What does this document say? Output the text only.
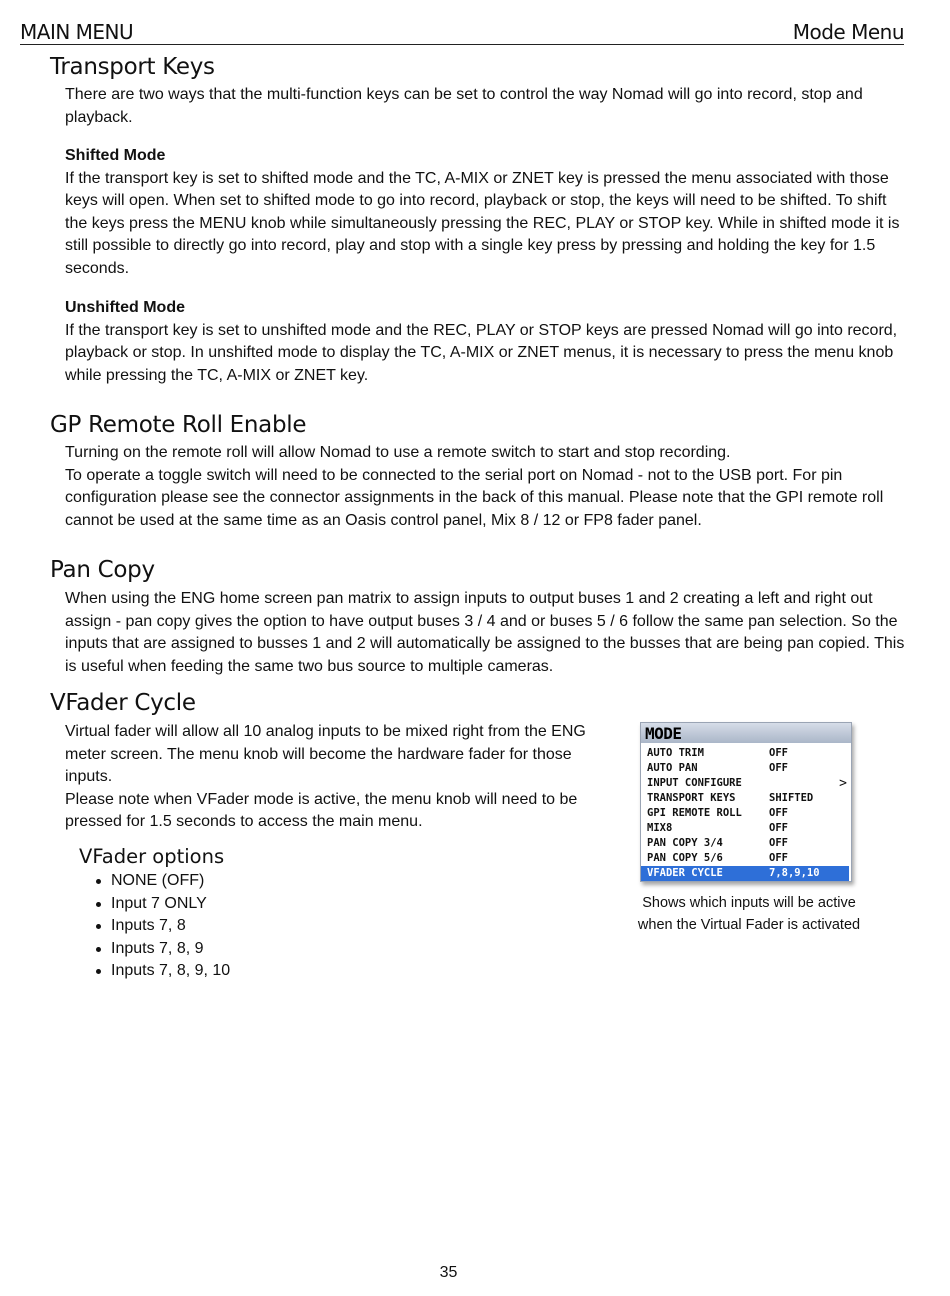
MAIN MENU	Mode Menu
Transport Keys

There are two ways that the multi-function keys can be set to control the way Nomad will go into record, stop and playback.

Shifted Mode

If the transport key is set to shifted mode and the TC, A-MIX or ZNET key is pressed the menu associated with those keys will open. When set to shifted mode to go into record, playback or stop, the keys will need to be shifted. To shift the keys press the MENU knob while simultaneously pressing the REC, PLAY or STOP key. While in shifted mode it is still possible to directly go into record, play and stop with a single key press by pressing and holding the key for 1.5 seconds.

Unshifted Mode

If the transport key is set to unshifted mode and the REC, PLAY or STOP keys are pressed Nomad will go into record, playback or stop. In unshifted mode to display the TC, A-MIX or ZNET menus, it is necessary to press the menu knob while pressing the TC, A-MIX or ZNET key.

GP Remote Roll Enable

Turning on the remote roll will allow Nomad to use a remote switch to start and stop recording.

To operate a toggle switch will need to be connected to the serial port on Nomad - not to the USB port. For pin configuration please see the connector assignments in the back of this manual. Please note that the GPI remote roll cannot be used at the same time as an Oasis control panel, Mix 8 / 12 or FP8 fader panel.

Pan Copy

When using the ENG home screen pan matrix to assign inputs to output buses 1 and 2 creating a left and right out assign - pan copy gives the option to have output buses 3 / 4 and or buses 5 / 6 follow the same pan selection. So the inputs that are assigned to busses 1 and 2 will automatically be assigned to the busses that are being pan copied. This is useful when feeding the same two bus source to multiple cameras.

VFader Cycle

Virtual fader will allow all 10 analog inputs to be mixed right from the ENG meter screen. The menu knob will become the hardware fader for those inputs.

Please note when VFader mode is active, the menu knob will need to be pressed for 1.5 seconds to access the main menu.

VFader options
NONE (OFF)
Input 7 ONLY
Inputs 7, 8
Inputs 7, 8, 9
Inputs 7, 8, 9, 10
MODE
AUTO TRIM	OFF
AUTO PAN	OFF
INPUT CONFIGURE	>
TRANSPORT KEYS	SHIFTED
GPI REMOTE ROLL	OFF
MIX8	OFF
PAN COPY 3/4	OFF
PAN COPY 5/6	OFF
VFADER CYCLE	7,8,9,10
Shows which inputs will be active
when the Virtual Fader is activated
35
